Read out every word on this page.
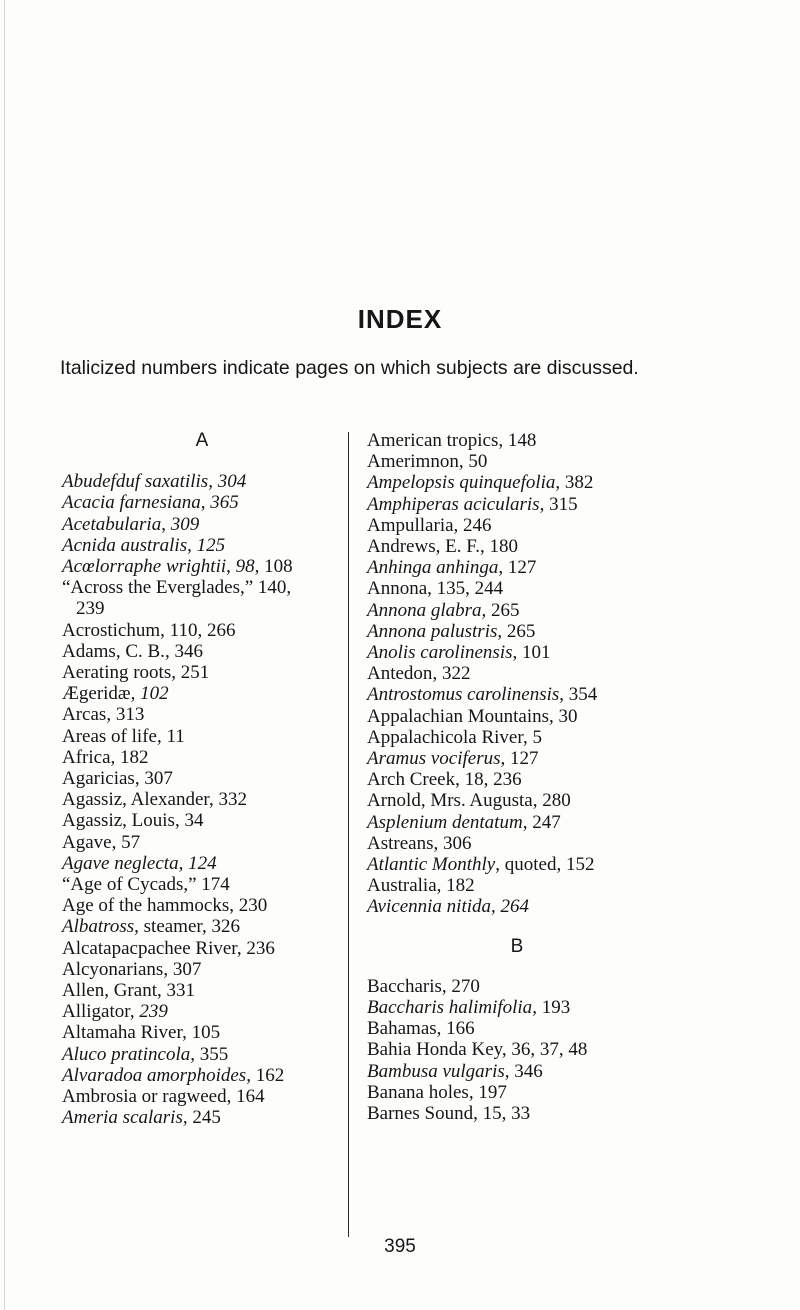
INDEX
Italicized numbers indicate pages on which subjects are discussed.
A
Abudefduf saxatilis, 304
Acacia farnesiana, 365
Acetabularia, 309
Acnida australis, 125
Acœlorraphe wrightii, 98, 108
“Across the Everglades,” 140,
239
Acrostichum, 110, 266
Adams, C. B., 346
Aerating roots, 251
Ægeridæ, 102
Arcas, 313
Areas of life, 11
Africa, 182
Agaricias, 307
Agassiz, Alexander, 332
Agassiz, Louis, 34
Agave, 57
Agave neglecta, 124
“Age of Cycads,” 174
Age of the hammocks, 230
Albatross, steamer, 326
Alcatapacpachee River, 236
Alcyonarians, 307
Allen, Grant, 331
Alligator, 239
Altamaha River, 105
Aluco pratincola, 355
Alvaradoa amorphoides, 162
Ambrosia or ragweed, 164
Ameria scalaris, 245
American tropics, 148
Amerimnon, 50
Ampelopsis quinquefolia, 382
Amphiperas acicularis, 315
Ampullaria, 246
Andrews, E. F., 180
Anhinga anhinga, 127
Annona, 135, 244
Annona glabra, 265
Annona palustris, 265
Anolis carolinensis, 101
Antedon, 322
Antrostomus carolinensis, 354
Appalachian Mountains, 30
Appalachicola River, 5
Aramus vociferus, 127
Arch Creek, 18, 236
Arnold, Mrs. Augusta, 280
Asplenium dentatum, 247
Astreans, 306
Atlantic Monthly, quoted, 152
Australia, 182
Avicennia nitida, 264
B
Baccharis, 270
Baccharis halimifolia, 193
Bahamas, 166
Bahia Honda Key, 36, 37, 48
Bambusa vulgaris, 346
Banana holes, 197
Barnes Sound, 15, 33
395
